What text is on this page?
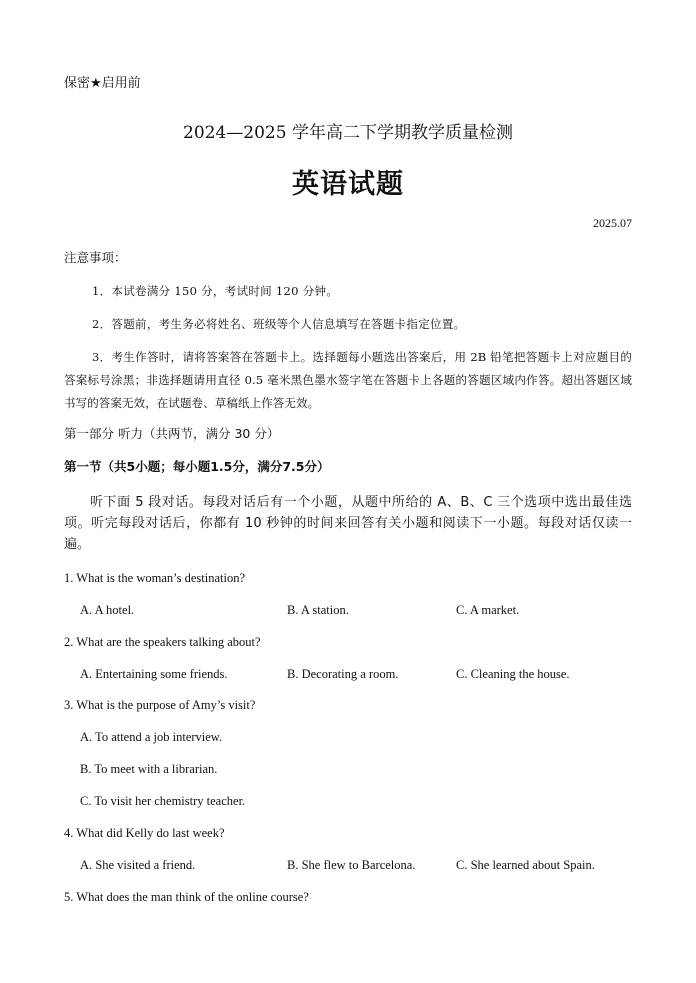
保密★启用前
2024—2025 学年高二下学期教学质量检测
英语试题
2025.07
注意事项：
1．本试卷满分 150 分，考试时间 120 分钟。
2．答题前，考生务必将姓名、班级等个人信息填写在答题卡指定位置。
3．考生作答时，请将答案答在答题卡上。选择题每小题选出答案后，用 2B 铅笔把答题卡上对应题目的答案标号涂黑；非选择题请用直径 0.5 毫米黑色墨水签字笔在答题卡上各题的答题区域内作答。超出答题区域书写的答案无效，在试题卷、草稿纸上作答无效。
第一部分 听力（共两节，满分 30 分）
第一节（共5小题；每小题1.5分，满分7.5分）
听下面 5 段对话。每段对话后有一个小题，从题中所给的 A、B、C 三个选项中选出最佳选项。听完每段对话后，你都有 10 秒钟的时间来回答有关小题和阅读下一小题。每段对话仅读一遍。
1. What is the woman’s destination?
A. A hotel.	B. A station.	C. A market.
2. What are the speakers talking about?
A. Entertaining some friends.	B. Decorating a room.	C. Cleaning the house.
3. What is the purpose of Amy’s visit?
A. To attend a job interview.
B. To meet with a librarian.
C. To visit her chemistry teacher.
4. What did Kelly do last week?
A. She visited a friend.	B. She flew to Barcelona.	C. She learned about Spain.
5. What does the man think of the online course?
